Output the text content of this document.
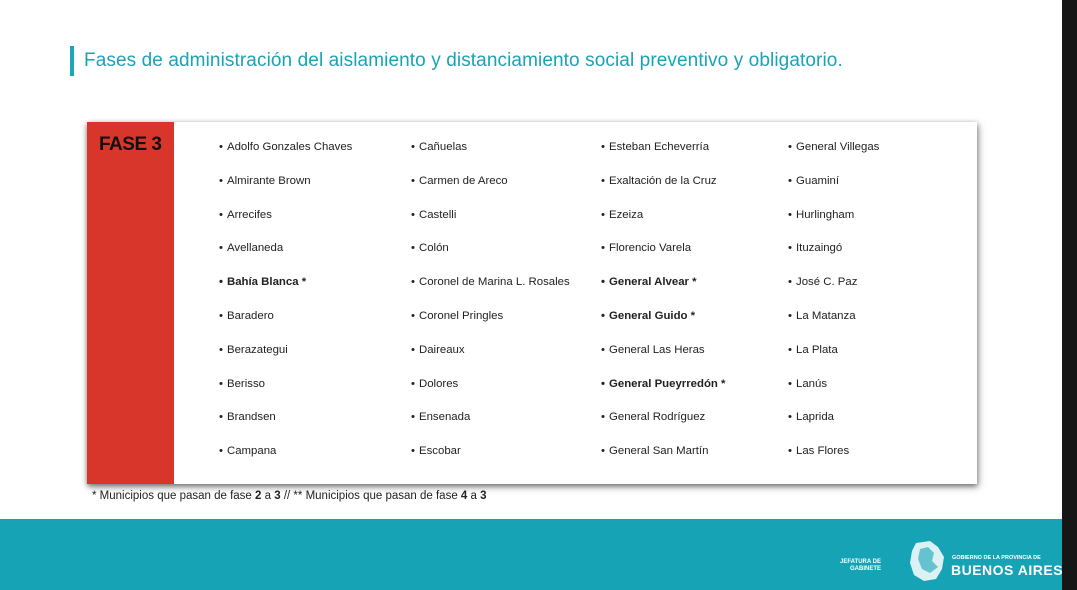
Fases de administración del aislamiento y distanciamiento social preventivo y obligatorio.
FASE 3	• Adolfo Gonzales Chaves
• Almirante Brown
• Arrecifes
• Avellaneda
• Bahía Blanca *
• Baradero
• Berazategui
• Berisso
• Brandsen
• Campana
• Cañuelas
• Carmen de Areco
• Castelli
• Colón
• Coronel de Marina L. Rosales
• Coronel Pringles
• Daireaux
• Dolores
• Ensenada
• Escobar
• Esteban Echeverría
• Exaltación de la Cruz
• Ezeiza
• Florencio Varela
• General Alvear *
• General Guido *
• General Las Heras
• General Pueyrredón *
• General Rodríguez
• General San Martín
• General Villegas
• Guaminí
• Hurlingham
• Ituzaingó
• José C. Paz
• La Matanza
• La Plata
• Lanús
• Laprida
• Las Flores
* Municipios que pasan de fase 2 a 3 // ** Municipios que pasan de fase 4 a 3
JEFATURA DE
GABINETE
GOBIERNO DE LA PROVINCIA DE
BUENOS AIRES
